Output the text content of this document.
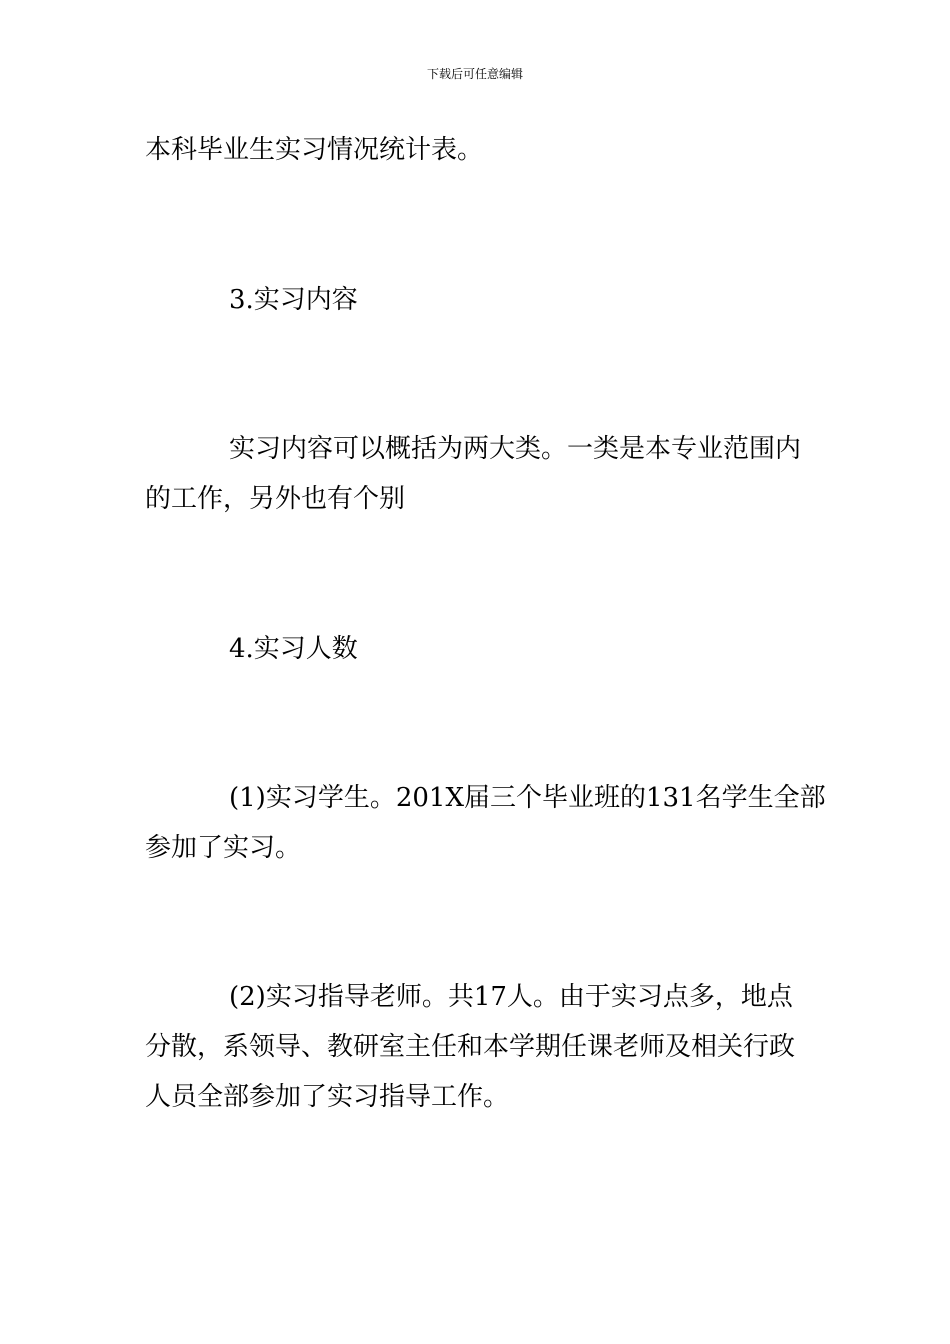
下载后可任意编辑
本科毕业生实习情况统计表。
3.实习内容
实习内容可以概括为两大类。一类是本专业范围内
的工作，另外也有个别
4.实习人数
(1)实习学生。201X届三个毕业班的131名学生全部
参加了实习。
(2)实习指导老师。共17人。由于实习点多，地点
分散，系领导、教研室主任和本学期任课老师及相关行政
人员全部参加了实习指导工作。
